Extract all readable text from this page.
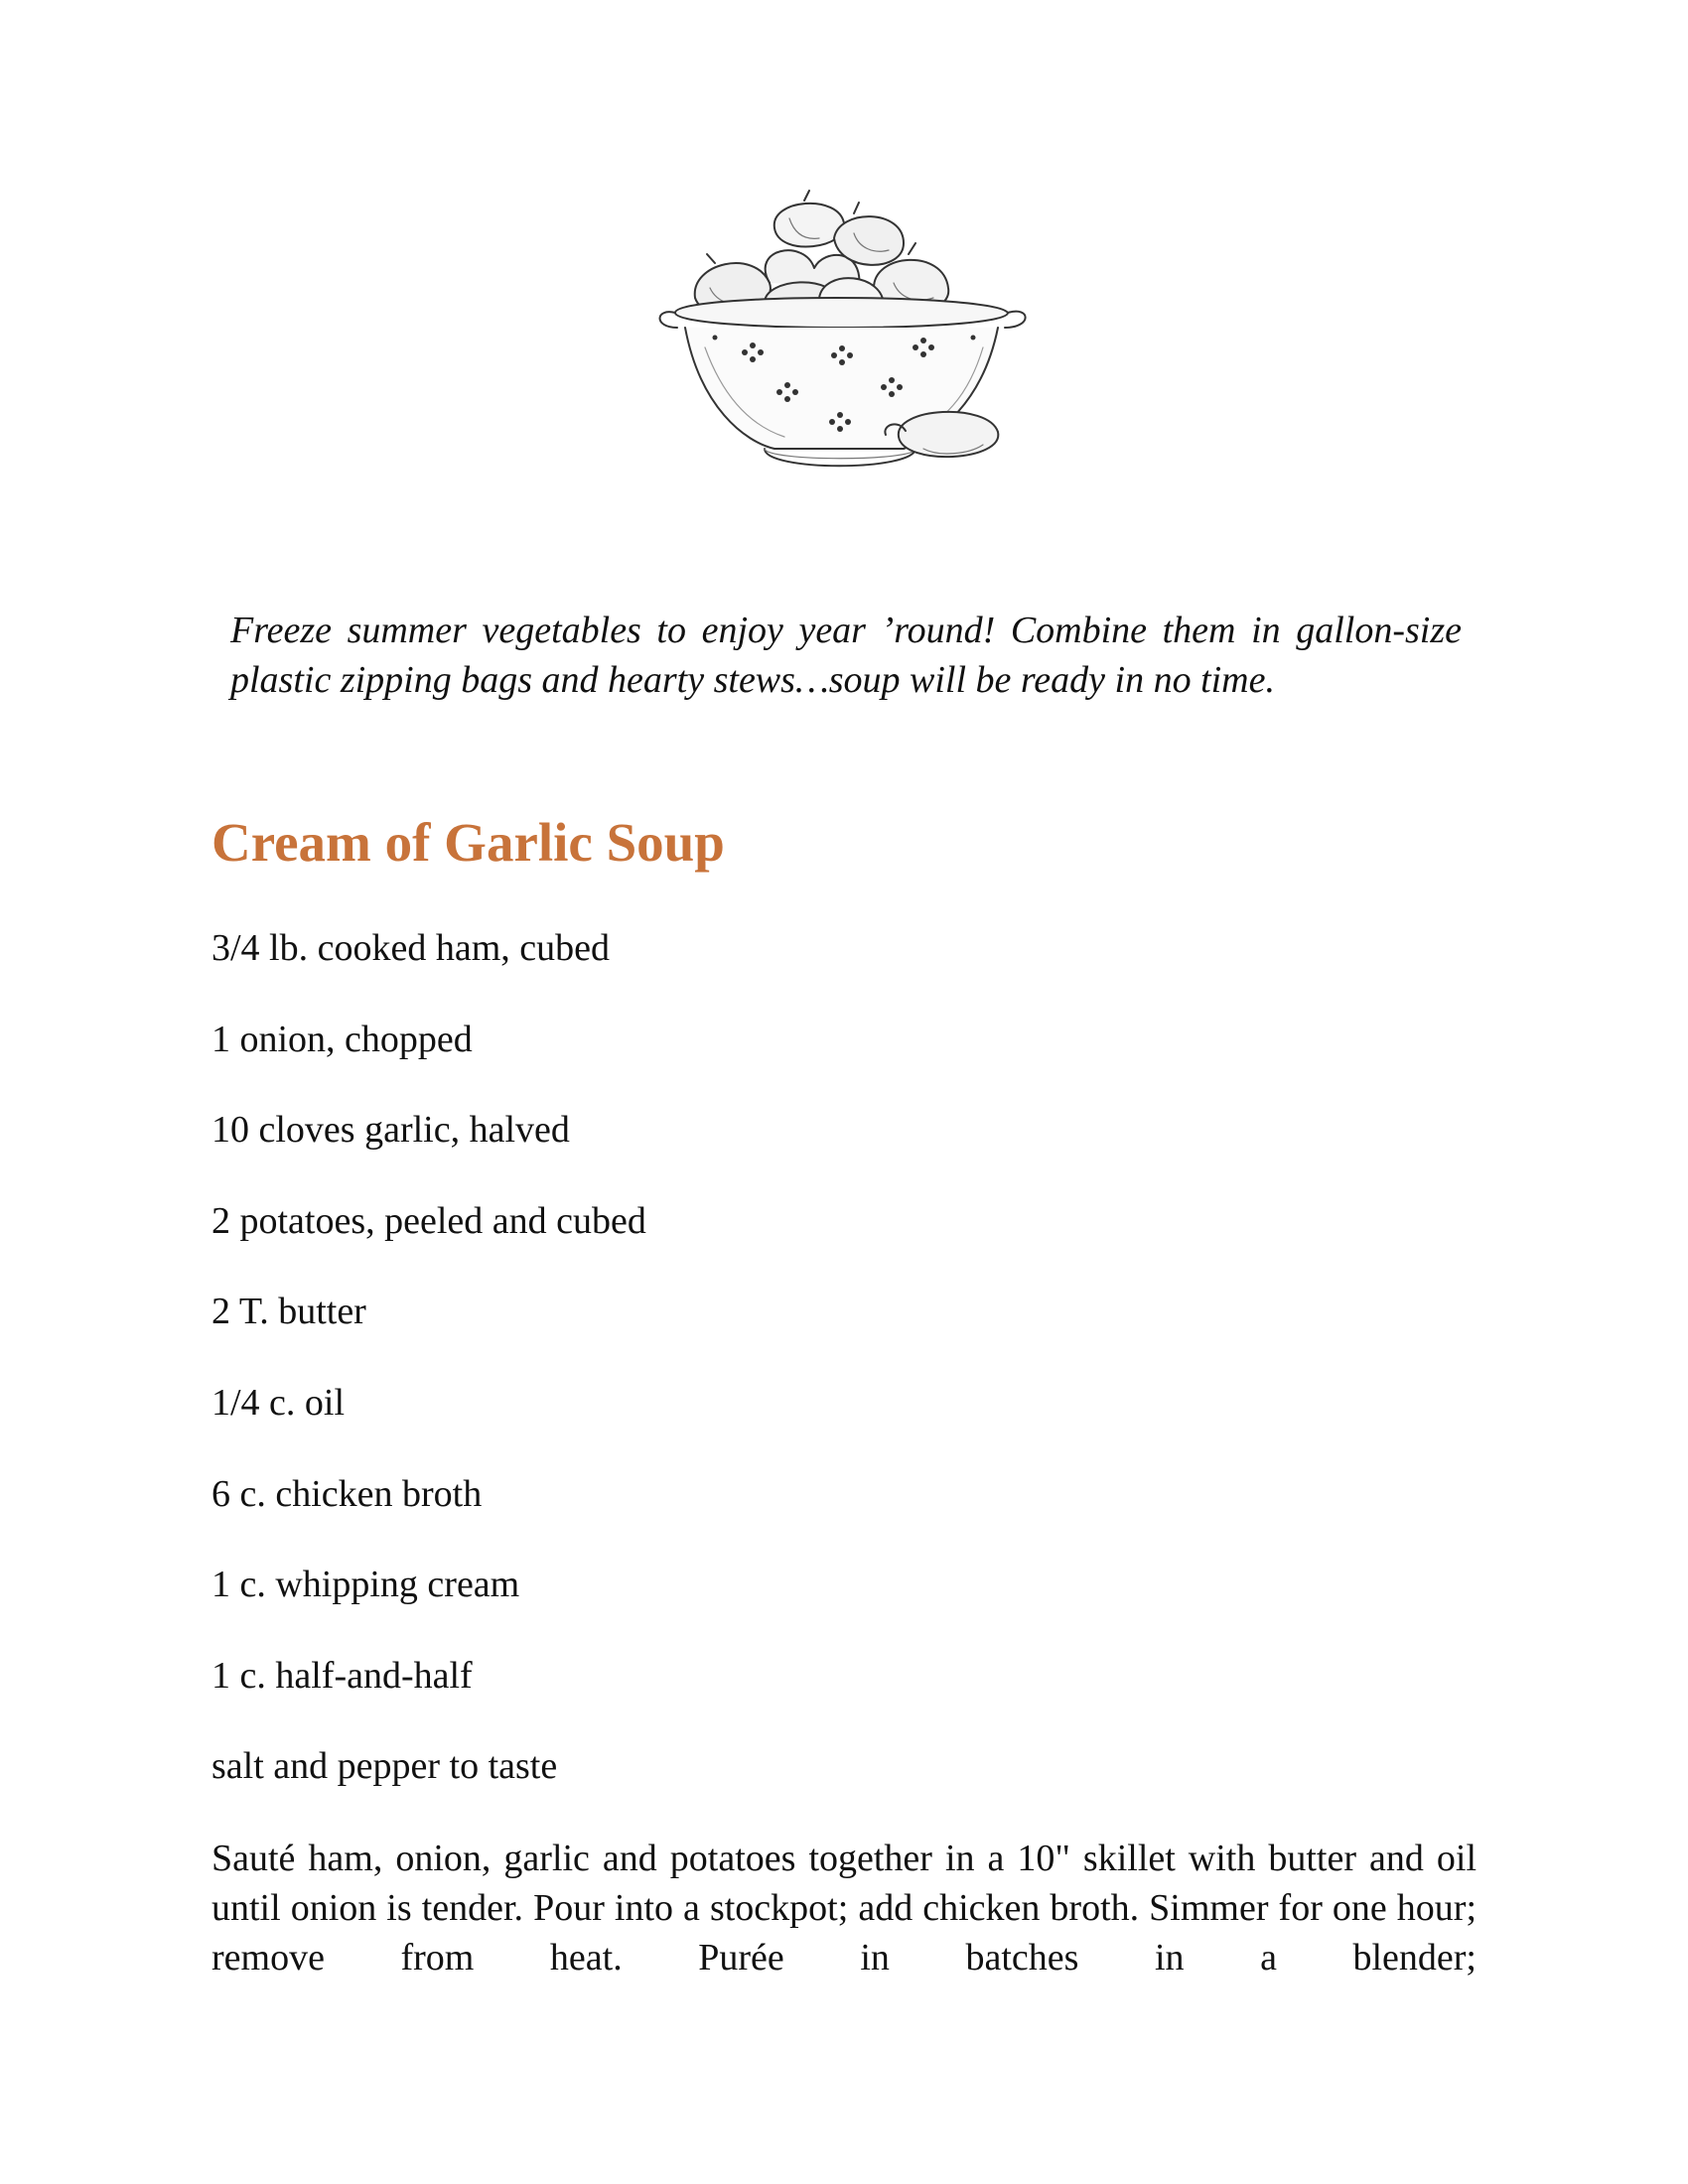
Freeze summer vegetables to enjoy year ’round! Combine them in gallon-size plastic zipping bags and hearty stews…soup will be ready in no time.

Cream of Garlic Soup
3/4 lb. cooked ham, cubed
1 onion, chopped
10 cloves garlic, halved
2 potatoes, peeled and cubed
2 T. butter
1/4 c. oil
6 c. chicken broth
1 c. whipping cream
1 c. half-and-half
salt and pepper to taste

Sauté ham, onion, garlic and potatoes together in a 10" skillet with butter and oil until onion is tender. Pour into a stockpot; add chicken broth. Simmer for one hour; remove from heat. Purée in batches in a blender;
